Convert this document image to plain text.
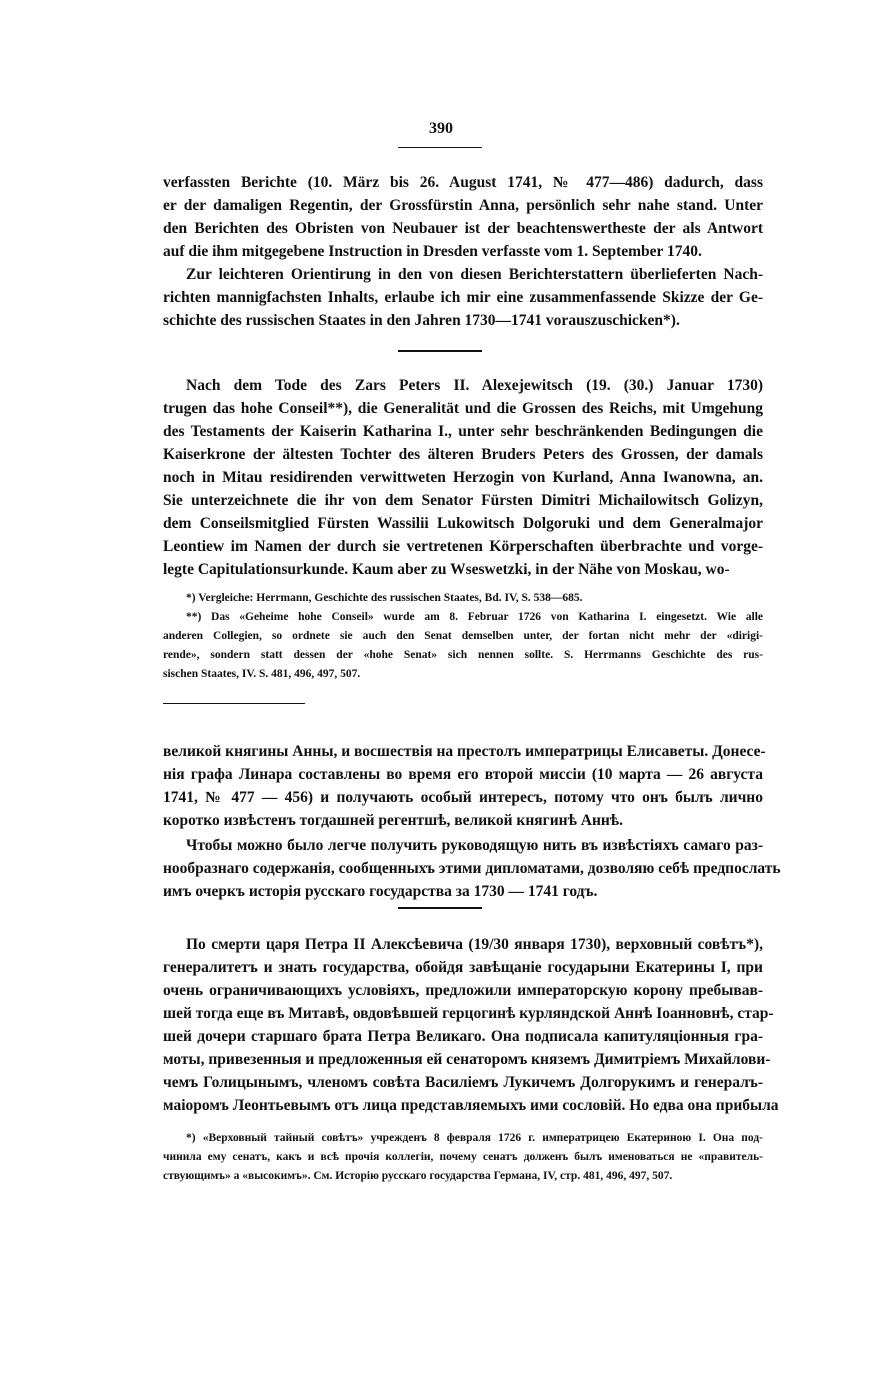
390
verfassten Berichte (10. März bis 26. August 1741, № 477—486) dadurch, dass
er der damaligen Regentin, der Grossfürstin Anna, persönlich sehr nahe stand. Unter
den Berichten des Obristen von Neubauer ist der beachtenswertheste der als Antwort
auf die ihm mitgegebene Instruction in Dresden verfasste vom 1. September 1740.
Zur leichteren Orientirung in den von diesen Berichterstattern überlieferten Nach-
richten mannigfachsten Inhalts, erlaube ich mir eine zusammenfassende Skizze der Ge-
schichte des russischen Staates in den Jahren 1730—1741 vorauszuschicken*).
Nach dem Tode des Zars Peters II. Alexejewitsch (19. (30.) Januar 1730)
trugen das hohe Conseil**), die Generalität und die Grossen des Reichs, mit Umgehung
des Testaments der Kaiserin Katharina I., unter sehr beschränkenden Bedingungen die
Kaiserkrone der ältesten Tochter des älteren Bruders Peters des Grossen, der damals
noch in Mitau residirenden verwittweten Herzogin von Kurland, Anna Iwanowna, an.
Sie unterzeichnete die ihr von dem Senator Fürsten Dimitri Michailowitsch Golizyn,
dem Conseilsmitglied Fürsten Wassilii Lukowitsch Dolgoruki und dem Generalmajor
Leontiew im Namen der durch sie vertretenen Körperschaften überbrachte und vorge-
legte Capitulationsurkunde. Kaum aber zu Wseswetzki, in der Nähe von Moskau, wo-
*) Vergleiche: Herrmann, Geschichte des russischen Staates, Bd. IV, S. 538—685.
**) Das «Geheime hohe Conseil» wurde am 8. Februar 1726 von Katharina I. eingesetzt. Wie alle
anderen Collegien, so ordnete sie auch den Senat demselben unter, der fortan nicht mehr der «dirigi-
rende», sondern statt dessen der «hohe Senat» sich nennen sollte. S. Herrmanns Geschichte des rus-
sischen Staates, IV. S. 481, 496, 497, 507.
великой княгины Анны, и восшествія на престолъ императрицы Елисаветы. Донесе-
нія графа Линара составлены во время его второй миссіи (10 марта — 26 августа
1741, № 477 — 456) и получають особый интересъ, потому что онъ былъ лично
коротко извѣстенъ тогдашней регентшѣ, великой княгинѣ Аннѣ.
Чтобы можно было легче получить руководящую нить въ извѣстіяхъ самаго раз-
нообразнаго содержанія, сообщенныхъ этими дипломатами, дозволяю себѣ предпослать
имъ очеркъ исторія русскаго государства за 1730 — 1741 годъ.
По смерти царя Петра II Алексѣевича (19/30 января 1730), верховный совѣтъ*),
генералитетъ и знать государства, обойдя завѣщаніе государыни Екатерины I, при
очень ограничивающихъ условіяхъ, предложили императорскую корону пребывав-
шей тогда еще въ Митавѣ, овдовѣвшей герцогинѣ курляндской Аннѣ Іоанновнѣ, стар-
шей дочери старшаго брата Петра Великаго. Она подписала капитуляціонныя гра-
моты, привезенныя и предложенныя ей сенаторомъ княземъ Димитріемъ Михайлови-
чемъ Голицынымъ, членомъ совѣта Василіемъ Лукичемъ Долгорукимъ и генералъ-
маіоромъ Леонтьевымъ отъ лица представляемыхъ ими сословій. Но едва она прибыла
*) «Верховный тайный совѣтъ» учрежденъ 8 февраля 1726 г. императрицею Екатериною I. Она под-
чинила ему сенатъ, какъ и всѣ прочія коллегіи, почему сенатъ долженъ былъ именоваться не «правитель-
ствующимъ» а «высокимъ». См. Исторію русскаго государства Германа, IV, стр. 481, 496, 497, 507.
